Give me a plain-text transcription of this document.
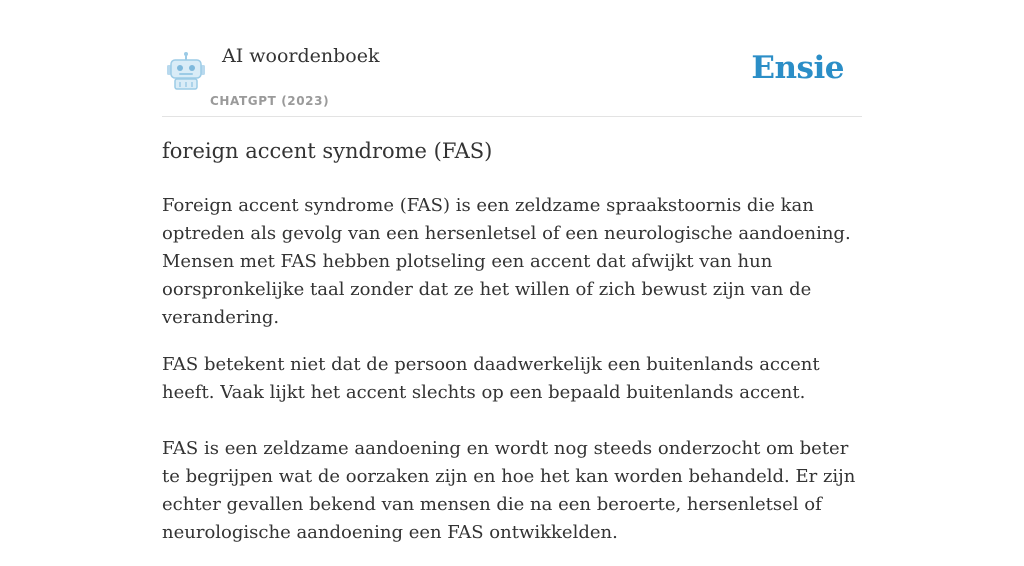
AI woordenboek
CHATGPT (2023)
Ensie
foreign accent syndrome (FAS)

Foreign accent syndrome (FAS) is een zeldzame spraakstoornis die kan optreden als gevolg van een hersenletsel of een neurologische aandoening. Mensen met FAS hebben plotseling een accent dat afwijkt van hun oorspronkelijke taal zonder dat ze het willen of zich bewust zijn van de verandering.

FAS betekent niet dat de persoon daadwerkelijk een buitenlands accent heeft. Vaak lijkt het accent slechts op een bepaald buitenlands accent.

FAS is een zeldzame aandoening en wordt nog steeds onderzocht om beter te begrijpen wat de oorzaken zijn en hoe het kan worden behandeld. Er zijn echter gevallen bekend van mensen die na een beroerte, hersenletsel of neurologische aandoening een FAS ontwikkelden.
